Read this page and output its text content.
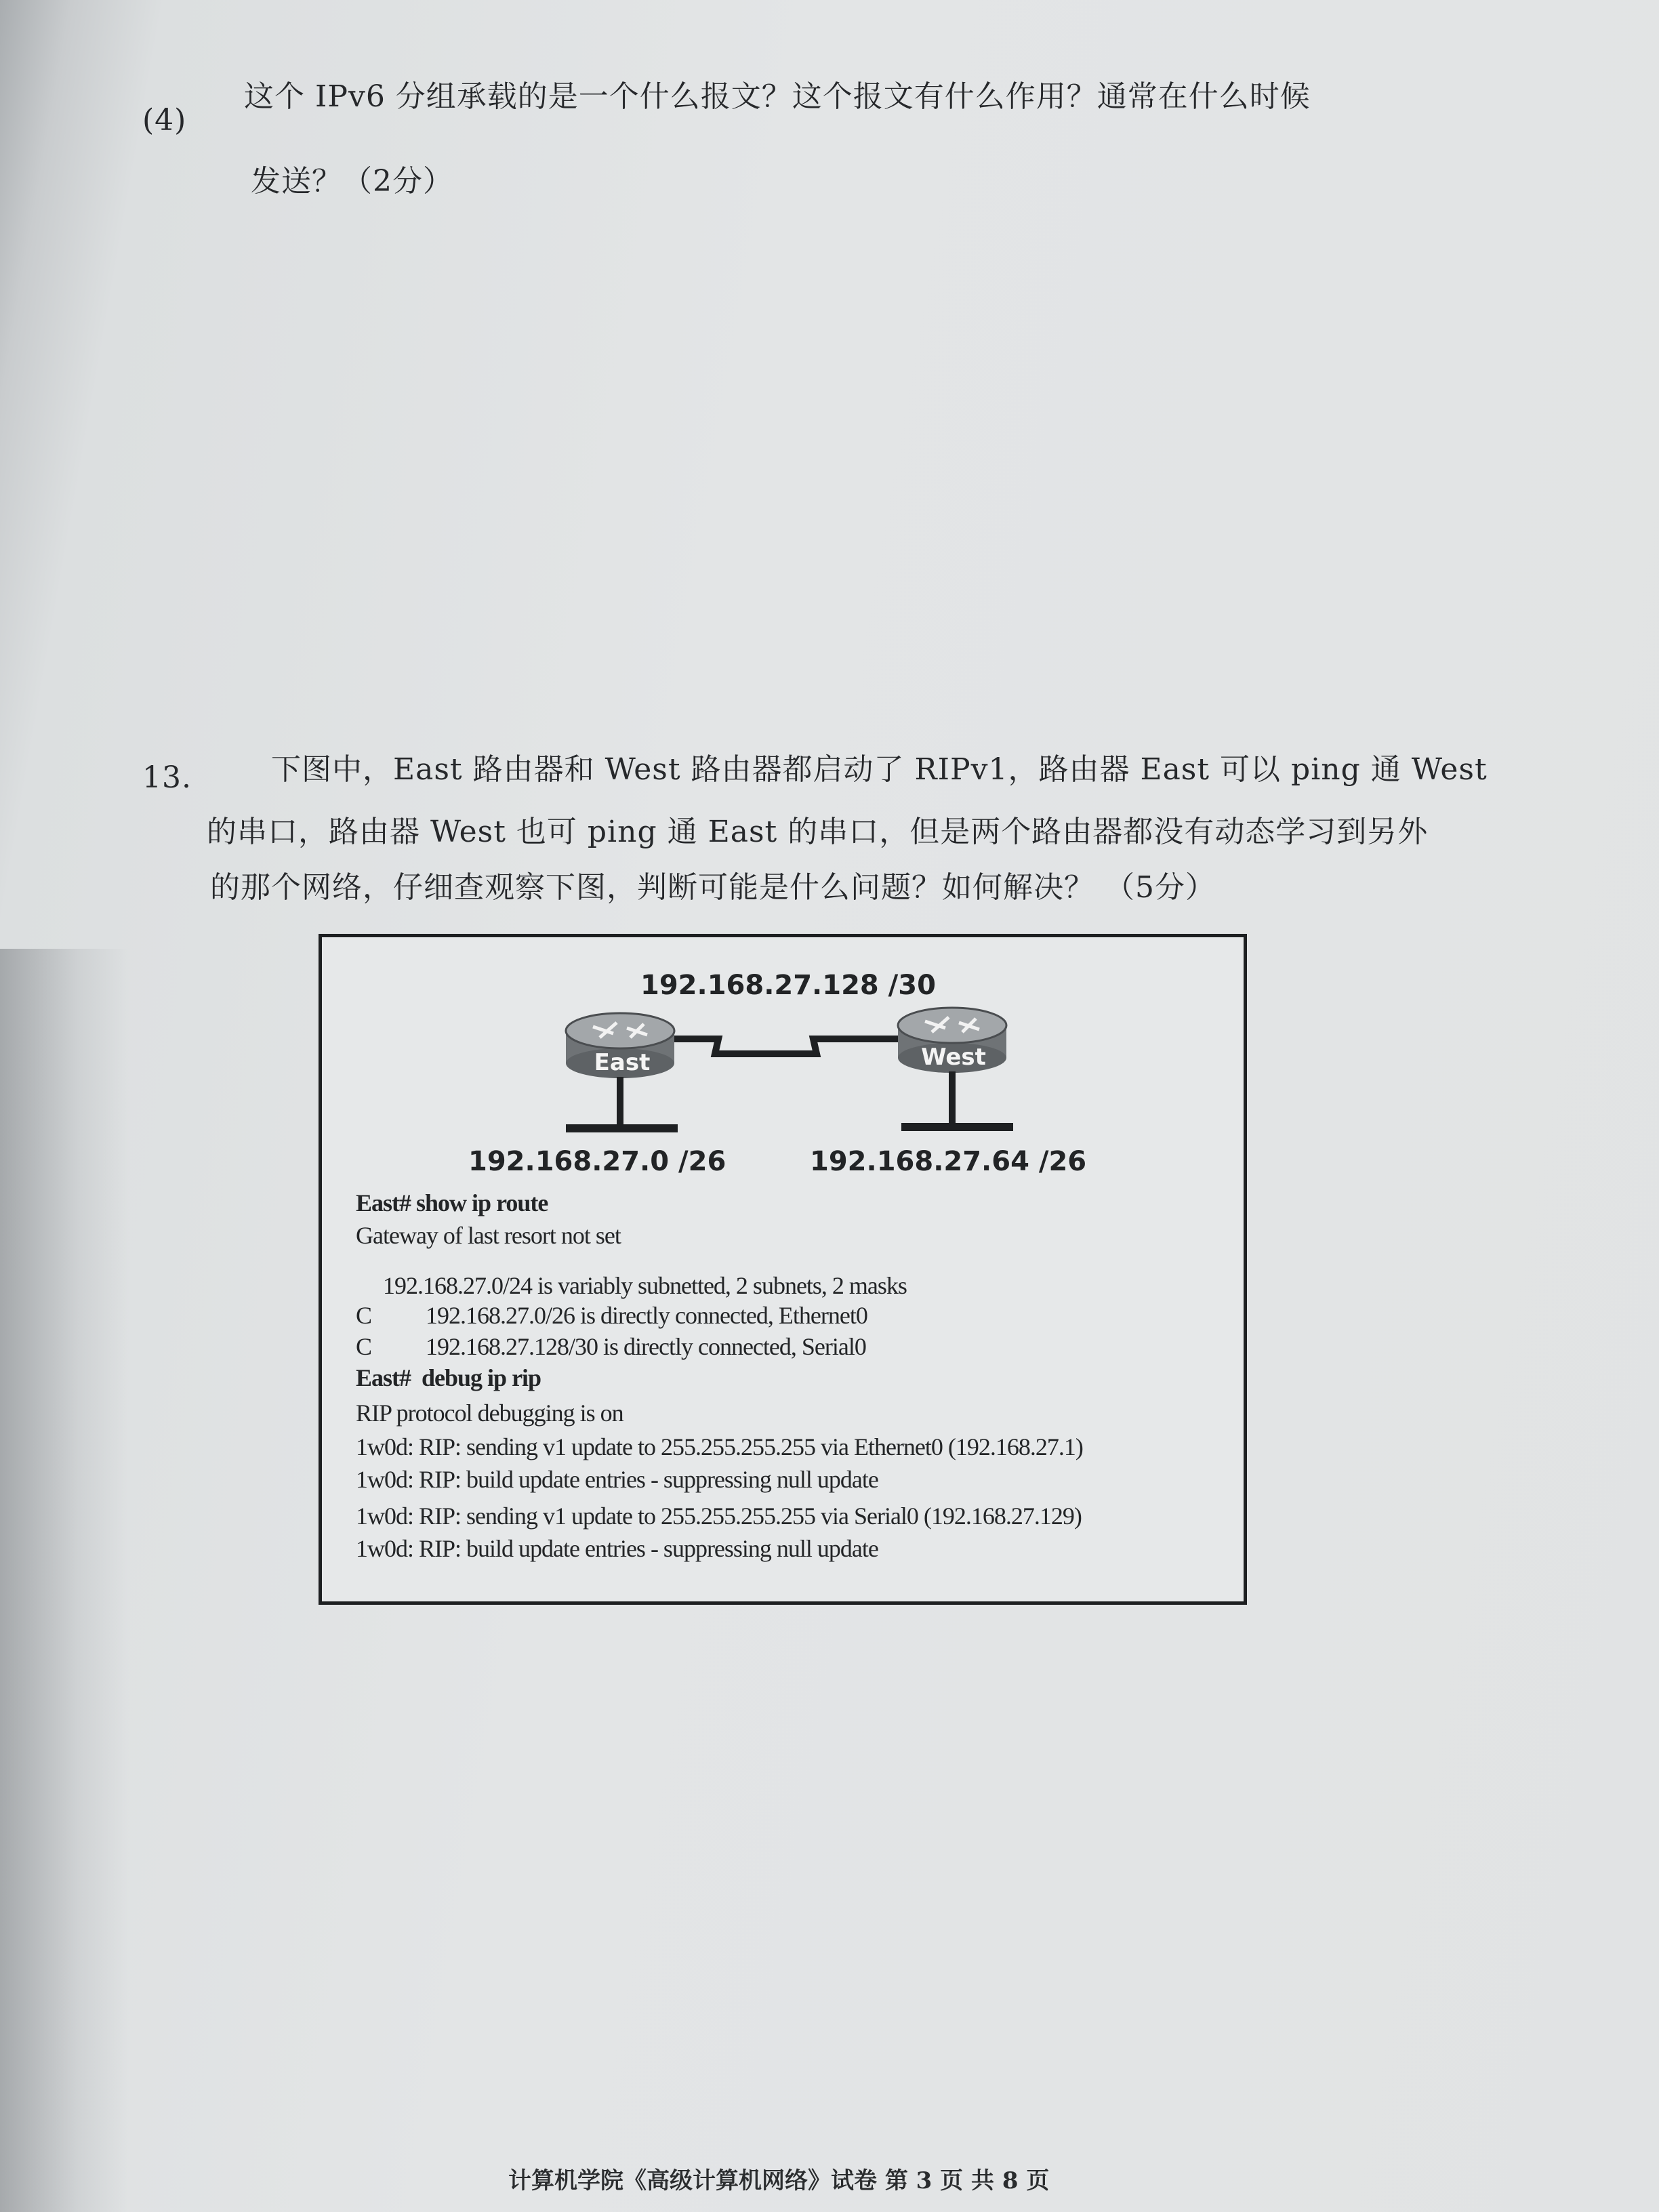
(4)
这个 IPv6 分组承载的是一个什么报文？这个报文有什么作用？通常在什么时候
发送？（2分）
13.	下图中，East 路由器和 West 路由器都启动了 RIPv1，路由器 East 可以 ping 通 West
的串口，路由器 West 也可 ping 通 East 的串口，但是两个路由器都没有动态学习到另外
的那个网络，仔细查观察下图，判断可能是什么问题？如何解决？ （5分）
192.168.27.128 /30
East	West
192.168.27.0 /26	192.168.27.64 /26
East# show ip route
Gateway of last resort not set
192.168.27.0/24 is variably subnetted, 2 subnets, 2 masks
C          192.168.27.0/26 is directly connected, Ethernet0
C          192.168.27.128/30 is directly connected, Serial0
East#  debug ip rip
RIP protocol debugging is on
1w0d: RIP: sending v1 update to 255.255.255.255 via Ethernet0 (192.168.27.1)
1w0d: RIP: build update entries - suppressing null update
1w0d: RIP: sending v1 update to 255.255.255.255 via Serial0 (192.168.27.129)
1w0d: RIP: build update entries - suppressing null update
计算机学院《高级计算机网络》试卷 第 3 页 共 8 页
